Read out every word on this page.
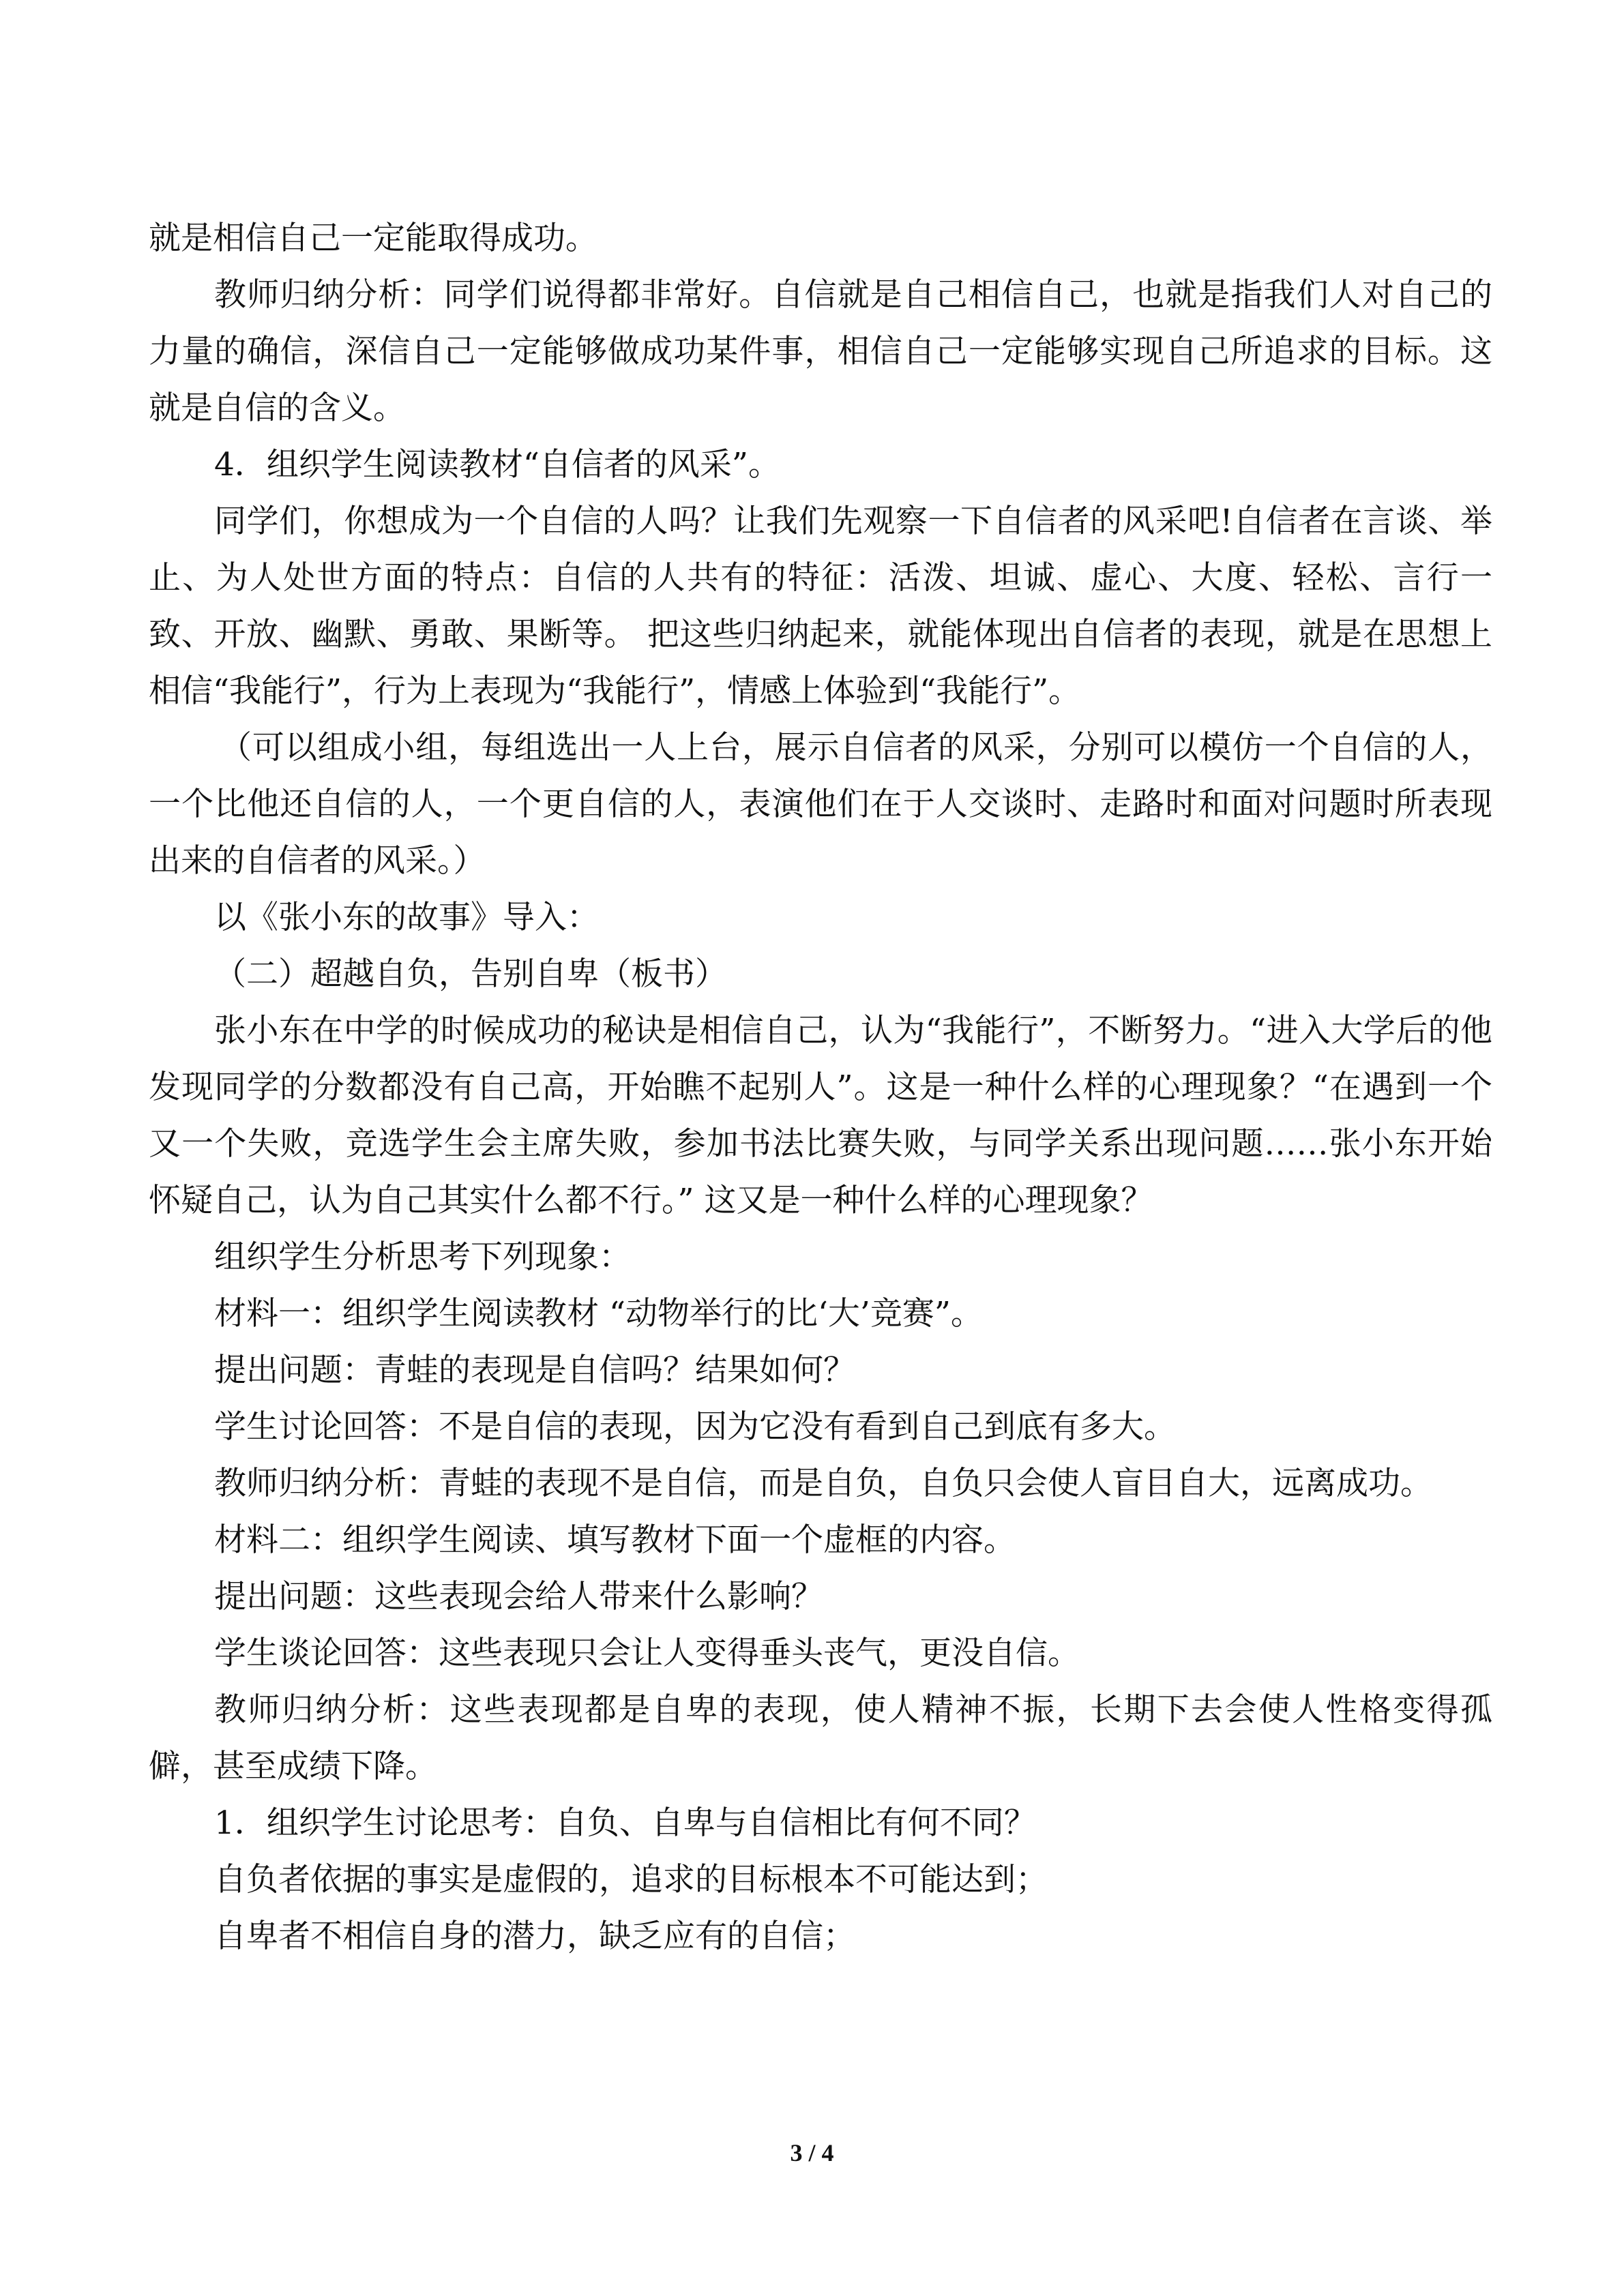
就是相信自己一定能取得成功。

教师归纳分析：同学们说得都非常好。自信就是自己相信自己，也就是指我们人对自己的力量的确信，深信自己一定能够做成功某件事，相信自己一定能够实现自己所追求的目标。这就是自信的含义。

4．组织学生阅读教材“自信者的风采”。

同学们，你想成为一个自信的人吗？让我们先观察一下自信者的风采吧!自信者在言谈、举止、为人处世方面的特点：自信的人共有的特征：活泼、坦诚、虚心、大度、轻松、言行一致、开放、幽默、勇敢、果断等。 把这些归纳起来，就能体现出自信者的表现，就是在思想上相信“我能行”，行为上表现为“我能行”，情感上体验到“我能行”。

（可以组成小组，每组选出一人上台，展示自信者的风采，分别可以模仿一个自信的人，一个比他还自信的人，一个更自信的人，表演他们在于人交谈时、走路时和面对问题时所表现出来的自信者的风采。）

以《张小东的故事》导入：

（二）超越自负，告别自卑（板书）

张小东在中学的时候成功的秘诀是相信自己，认为“我能行”，不断努力。“进入大学后的他发现同学的分数都没有自己高，开始瞧不起别人”。这是一种什么样的心理现象？“在遇到一个又一个失败，竞选学生会主席失败，参加书法比赛失败，与同学关系出现问题……张小东开始怀疑自己，认为自己其实什么都不行。” 这又是一种什么样的心理现象？

组织学生分析思考下列现象：

材料一：组织学生阅读教材 “动物举行的比‘大’竞赛”。

提出问题：青蛙的表现是自信吗？结果如何？

学生讨论回答：不是自信的表现，因为它没有看到自己到底有多大。

教师归纳分析：青蛙的表现不是自信，而是自负，自负只会使人盲目自大，远离成功。

材料二：组织学生阅读、填写教材下面一个虚框的内容。

提出问题：这些表现会给人带来什么影响？

学生谈论回答：这些表现只会让人变得垂头丧气，更没自信。

教师归纳分析：这些表现都是自卑的表现，使人精神不振，长期下去会使人性格变得孤僻，甚至成绩下降。

1．组织学生讨论思考：自负、自卑与自信相比有何不同？

自负者依据的事实是虚假的，追求的目标根本不可能达到；

自卑者不相信自身的潜力，缺乏应有的自信；

3 / 4
